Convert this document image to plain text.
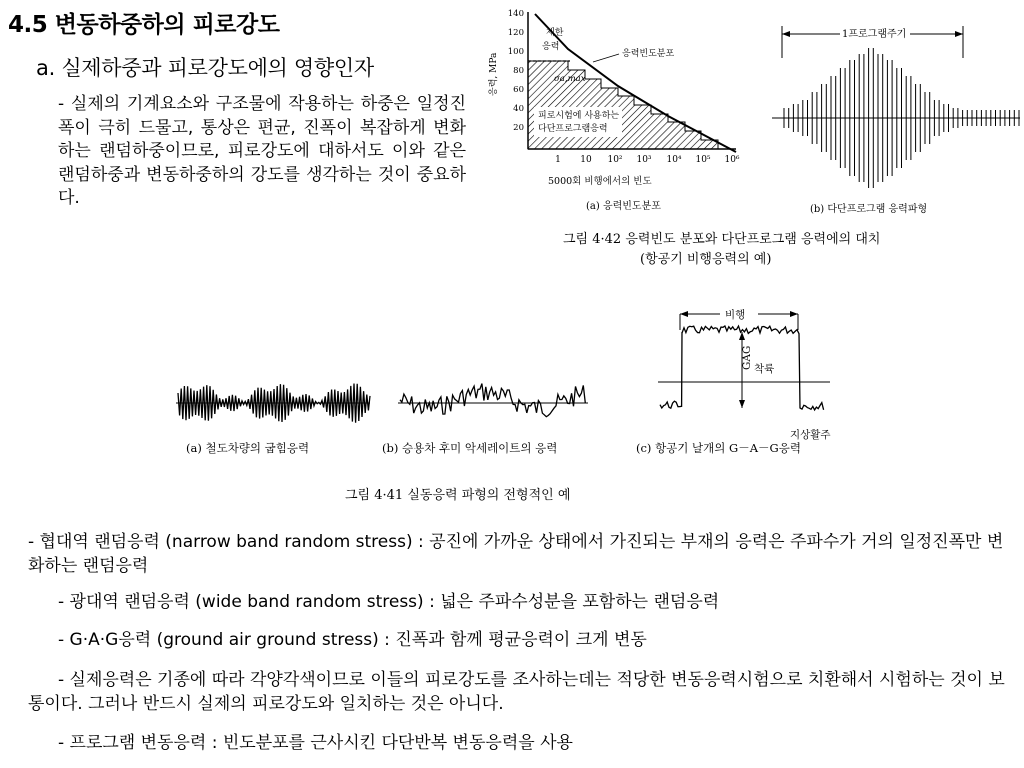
4.5 변동하중하의 피로강도
a. 실제하중과 피로강도에의 영향인자
- 실제의 기계요소와 구조물에 작용하는 하중은 일정진폭이 극히 드물고, 통상은 편균, 진폭이 복잡하게 변화하는 랜덤하중이므로, 피로강도에 대하서도 이와 같은 랜덤하중과 변동하중하의 강도를 생각하는 것이 중요하다.
140
120
100
80
60
40
20
1 10 10² 10³ 10⁴ 10⁵ 10⁶
응력, MPa
5000회 비행에서의 빈도
제한 응력
응력빈도분포
σa,max
피로시험에 사용하는 다단프로그램응력
(a) 응력빈도분포
1프로그램주기
(b) 다단프로그램 응력파형
그림 4·42 응력빈도 분포와 다단프로그램 응력에의 대치
(항공기 비행응력의 예)
비행
GAG 착륙
지상활주
(a) 철도차량의 굽힘응력	(b) 승용차 후미 악세레이트의 응력	(c) 항공기 날개의 G－A－G응력
그림 4·41 실동응력 파형의 전형적인 예
- 협대역 랜덤응력 (narrow band random stress) : 공진에 가까운 상태에서 가진되는 부재의 응력은 주파수가 거의 일정진폭만 변화하는 랜덤응력
- 광대역 랜덤응력 (wide band random stress) : 넓은 주파수성분을 포함하는 랜덤응력
- G·A·G응력 (ground air ground stress) : 진폭과 함께 평균응력이 크게 변동
- 실제응력은 기종에 따라 각양각색이므로 이들의 피로강도를 조사하는데는 적당한 변동응력시험으로 치환해서 시험하는 것이 보통이다. 그러나 반드시 실제의 피로강도와 일치하는 것은 아니다.
- 프로그램 변동응력 : 빈도분포를 근사시킨 다단반복 변동응력을 사용
